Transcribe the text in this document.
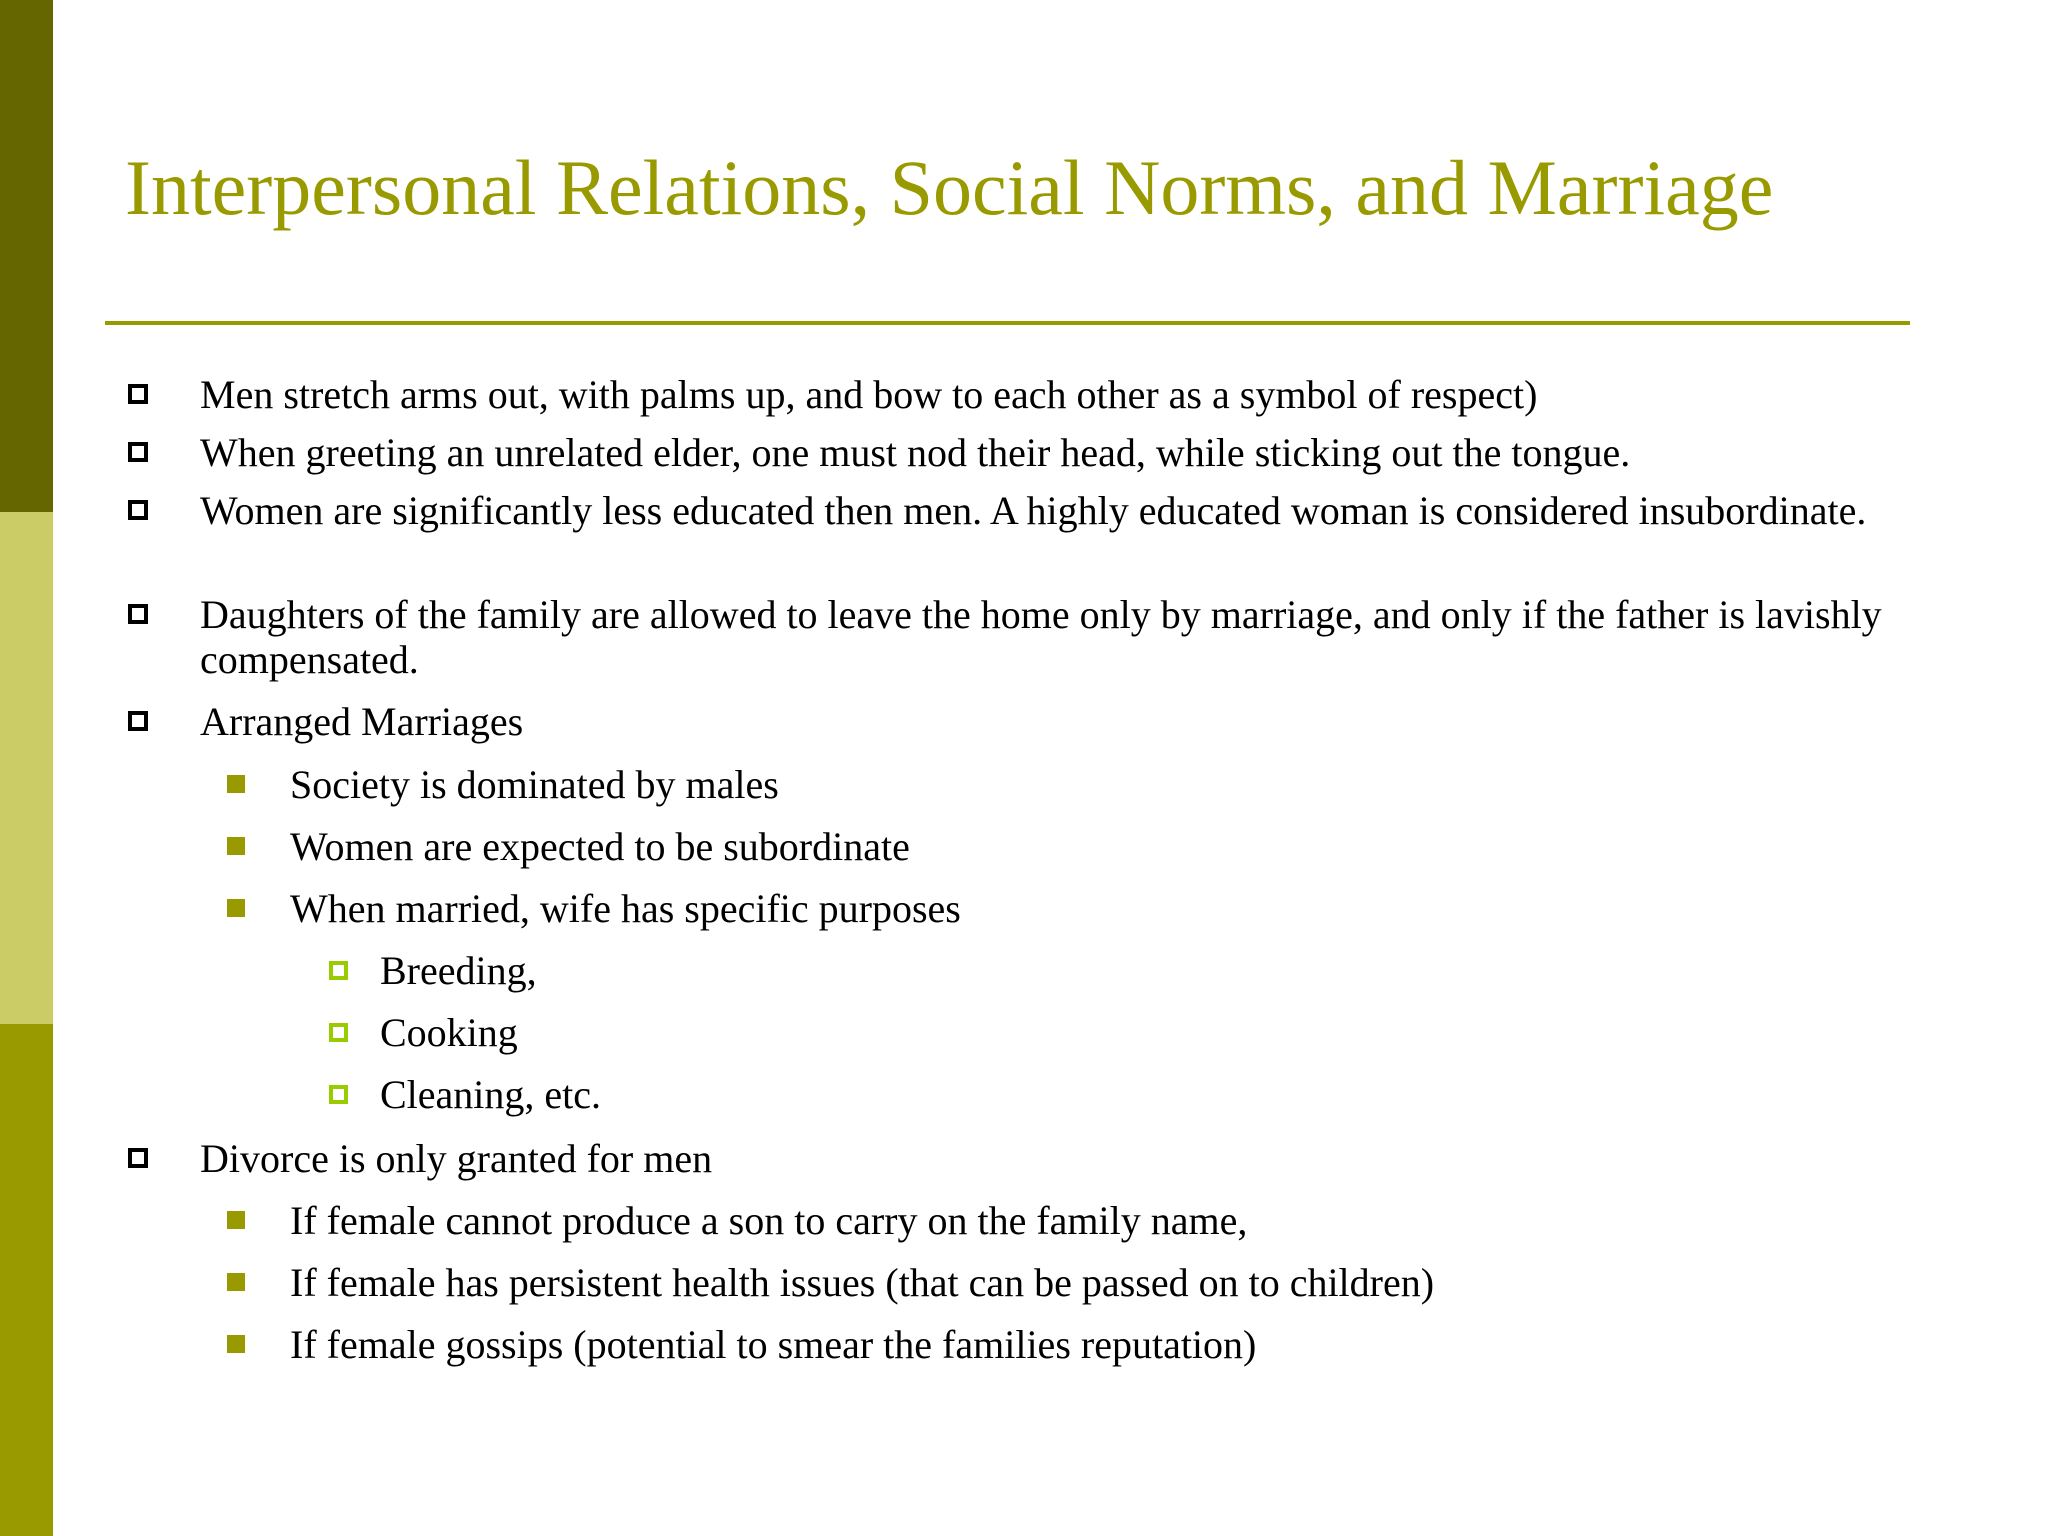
Interpersonal Relations, Social Norms, and Marriage
Men stretch arms out, with palms up, and bow to each other as a symbol of respect)
When greeting an unrelated elder, one must nod their head, while sticking out the tongue.
Women are significantly less educated then men. A highly educated woman is considered insubordinate.
Daughters of the family are allowed to leave the home only by marriage, and only if the father is lavishly compensated.
Arranged Marriages
Society is dominated by males
Women are expected to be subordinate
When married, wife has specific purposes
Breeding,
Cooking
Cleaning, etc.
Divorce is only granted for men
If female cannot produce a son to carry on the family name,
If female has persistent health issues (that can be passed on to children)
If female gossips (potential to smear the families reputation)
